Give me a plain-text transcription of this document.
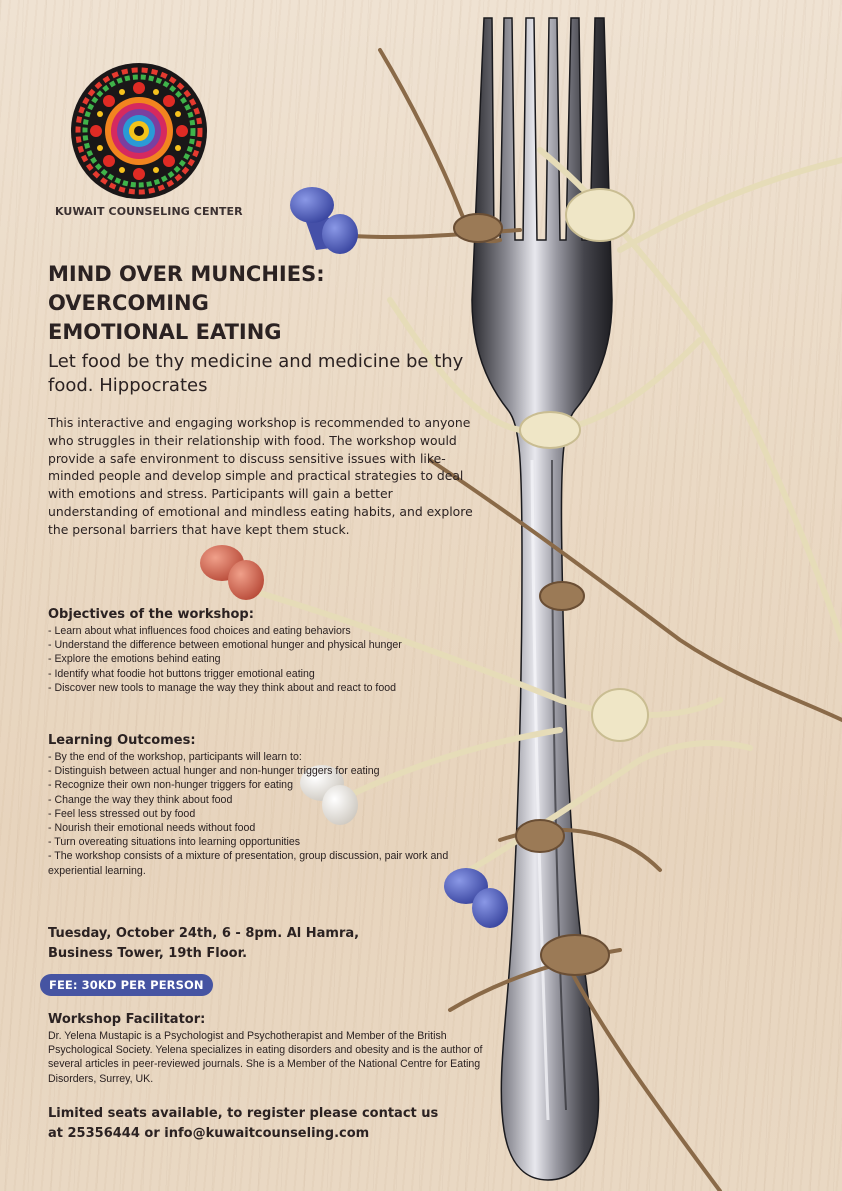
KUWAIT COUNSELING CENTER
MIND OVER MUNCHIES:
OVERCOMING
EMOTIONAL EATING

Let food be thy medicine and medicine be thy food. Hippocrates

This interactive and engaging workshop is recommended to anyone who struggles in their relationship with food. The workshop would provide a safe environment to discuss sensitive issues with like-minded people and develop simple and practical strategies to deal with emotions and stress. Participants will gain a better understanding of emotional and mindless eating habits, and explore the personal barriers that have kept them stuck.

Objectives of the workshop:
- Learn about what influences food choices and eating behaviors
- Understand the difference between emotional hunger and physical hunger
- Explore the emotions behind eating
- Identify what foodie hot buttons trigger emotional eating
- Discover new tools to manage the way they think about and react to food
Learning Outcomes:
- By the end of the workshop, participants will learn to:
- Distinguish between actual hunger and non-hunger triggers for eating
- Recognize their own non-hunger triggers for eating
- Change the way they think about food
- Feel less stressed out by food
- Nourish their emotional needs without food
- Turn overeating situations into learning opportunities
- The workshop consists of a mixture of presentation, group discussion, pair work and experiential learning.
Tuesday, October 24th, 6 - 8pm. Al Hamra,
Business Tower, 19th Floor.
FEE: 30KD PER PERSON
Workshop Facilitator:

Dr. Yelena Mustapic is a Psychologist and Psychotherapist and Member of the British Psychological Society. Yelena specializes in eating disorders and obesity and is the author of several articles in peer-reviewed journals. She is a Member of the National Centre for Eating Disorders, Surrey, UK.

Limited seats available, to register please contact us
at 25356444 or info@kuwaitcounseling.com
